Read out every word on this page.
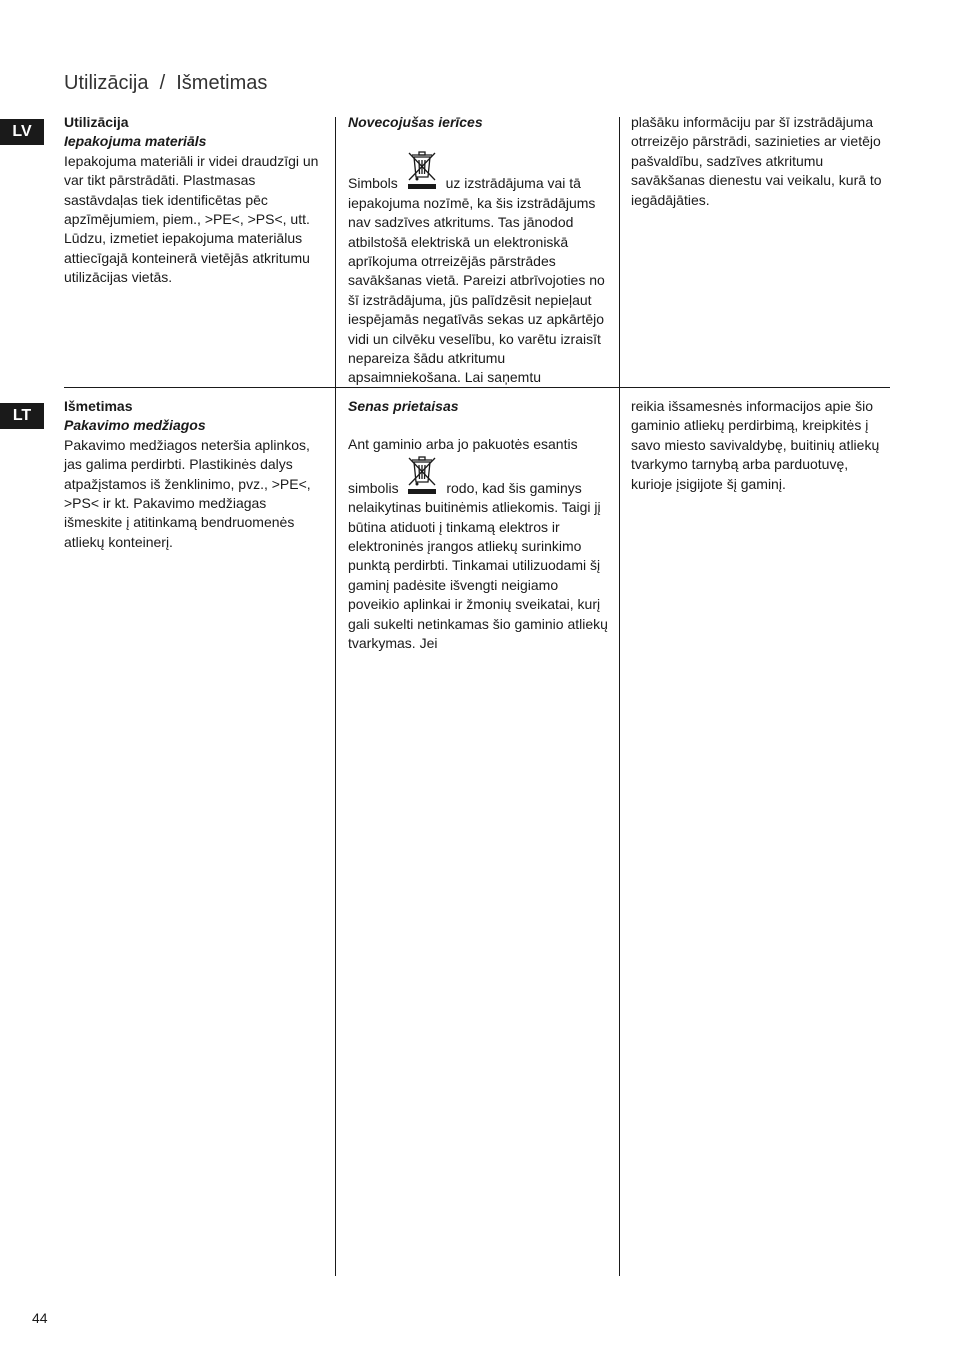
Utilizācija  /  Išmetimas
LV
LT

Utilizācija

Iepakojuma materiāls

Iepakojuma materiāli ir videi draudzīgi un var tikt pārstrādāti. Plastmasas sastāvdaļas tiek identificētas pēc apzīmējumiem, piem., >PE<, >PS<, utt. Lūdzu, izmetiet iepakojuma materiālus attiecīgajā konteinerā vietējās atkritumu utilizācijas vietās.

Novecojušas ierīces

Simbols	uz izstrādājuma vai tā iepakojuma nozīmē, ka šis izstrādājums nav sadzīves atkritums. Tas jānodod atbilstošā elektriskā un elektroniskā aprīkojuma otrreizējās pārstrādes savākšanas vietā. Pareizi atbrīvojoties no šī izstrādājuma, jūs palīdzēsit nepieļaut iespējamās negatīvās sekas uz apkārtējo vidi un cilvēku veselību, ko varētu izraisīt nepareiza šādu atkritumu apsaimniekošana. Lai saņemtu

plašāku informāciju par šī izstrādājuma otrreizējo pārstrādi, sazinieties ar vietējo pašvaldību, sadzīves atkritumu savākšanas dienestu vai veikalu, kurā to iegādājāties.

Išmetimas

Pakavimo medžiagos

Pakavimo medžiagos neteršia aplinkos, jas galima perdirbti. Plastikinės dalys atpažįstamos iš ženklinimo, pvz., >PE<, >PS< ir kt. Pakavimo medžiagas išmeskite į atitinkamą bendruomenės atliekų konteinerį.

Senas prietaisas

Ant gaminio arba jo pakuotės esantis

simbolis	rodo, kad šis gaminys nelaikytinas buitinėmis atliekomis. Taigi jį būtina atiduoti į tinkamą elektros ir elektroninės įrangos atliekų surinkimo punktą perdirbti. Tinkamai utilizuodami šį gaminį padėsite išvengti neigiamo poveikio aplinkai ir žmonių sveikatai, kurį gali sukelti netinkamas šio gaminio atliekų tvarkymas. Jei

reikia išsamesnės informacijos apie šio gaminio atliekų perdirbimą, kreipkitės į savo miesto savivaldybę, buitinių atliekų tvarkymo tarnybą arba parduotuvę, kurioje įsigijote šį gaminį.

44
